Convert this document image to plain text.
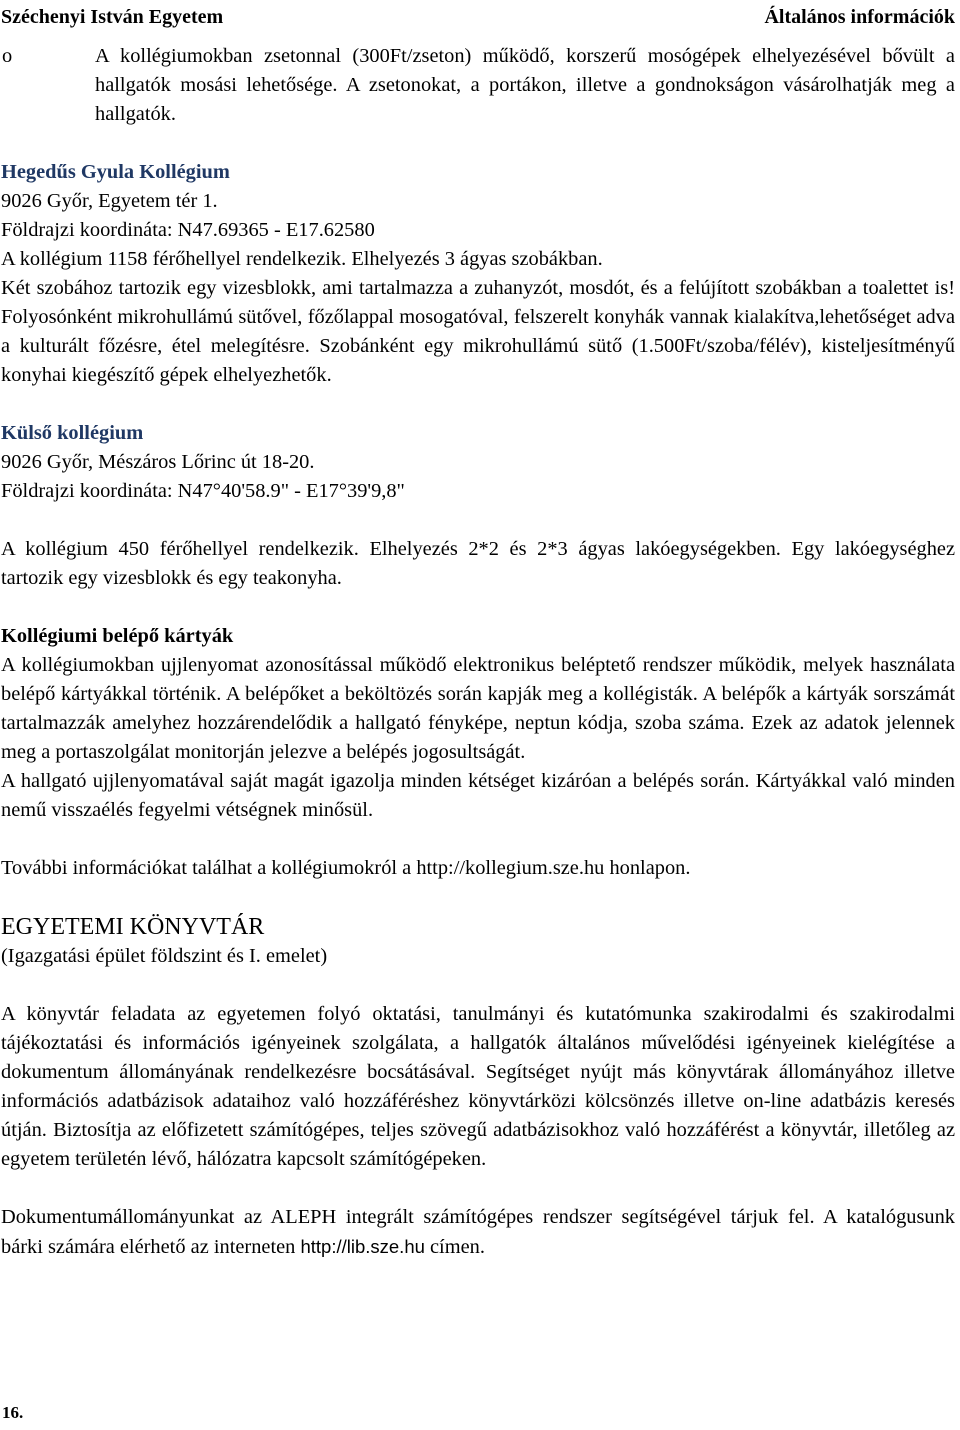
Széchenyi István Egyetem	Általános információk
o	A kollégiumokban zsetonnal (300Ft/zseton) működő, korszerű mosógépek elhelyezésével bővült a hallgatók mosási lehetősége. A zsetonokat, a portákon, illetve a gondnokságon vásárolhatják meg a hallgatók.
Hegedűs Gyula Kollégium
9026 Győr, Egyetem tér 1.
Földrajzi koordináta: N47.69365 - E17.62580
A kollégium 1158 férőhellyel rendelkezik. Elhelyezés 3 ágyas szobákban.
Két szobához tartozik egy vizesblokk, ami tartalmazza a zuhanyzót, mosdót, és a felújított szobákban a toalettet is! Folyosónként mikrohullámú sütővel, főzőlappal mosogatóval, felszerelt konyhák vannak kialakítva,lehetőséget adva a kulturált főzésre, étel melegítésre. Szobánként egy mikrohullámú sütő (1.500Ft/szoba/félév), kisteljesítményű konyhai kiegészítő gépek elhelyezhetők.
Külső kollégium
9026 Győr, Mészáros Lőrinc út 18-20.
Földrajzi koordináta: N47°40'58.9" - E17°39'9,8"
A kollégium 450 férőhellyel rendelkezik. Elhelyezés 2*2 és 2*3 ágyas lakóegységekben. Egy lakóegységhez tartozik egy vizesblokk és egy teakonyha.
Kollégiumi belépő kártyák
A kollégiumokban ujjlenyomat azonosítással működő elektronikus beléptető rendszer működik, melyek használata belépő kártyákkal történik. A belépőket a beköltözés során kapják meg a kollégisták. A belépők a kártyák sorszámát tartalmazzák amelyhez hozzárendelődik a hallgató fényképe, neptun kódja, szoba száma. Ezek az adatok jelennek meg a portaszolgálat monitorján jelezve a belépés jogosultságát.
A hallgató ujjlenyomatával saját magát igazolja minden kétséget kizáróan a belépés során. Kártyákkal való minden nemű visszaélés fegyelmi vétségnek minősül.
További információkat találhat a kollégiumokról a http://kollegium.sze.hu honlapon.
EGYETEMI KÖNYVTÁR
(Igazgatási épület földszint és I. emelet)
A könyvtár feladata az egyetemen folyó oktatási, tanulmányi és kutatómunka szakirodalmi és szakirodalmi tájékoztatási és információs igényeinek szolgálata, a hallgatók általános művelődési igényeinek kielégítése a dokumentum állományának rendelkezésre bocsátásával. Segítséget nyújt más könyvtárak állományához illetve információs adatbázisok adataihoz való hozzáféréshez könyvtárközi kölcsönzés illetve on-line adatbázis keresés útján. Biztosítja az előfizetett számítógépes, teljes szövegű adatbázisokhoz való hozzáférést a könyvtár, illetőleg az egyetem területén lévő, hálózatra kapcsolt számítógépeken.
Dokumentumállományunkat az ALEPH integrált számítógépes rendszer segítségével tárjuk fel. A katalógusunk bárki számára elérhető az interneten http://lib.sze.hu címen.
16.
